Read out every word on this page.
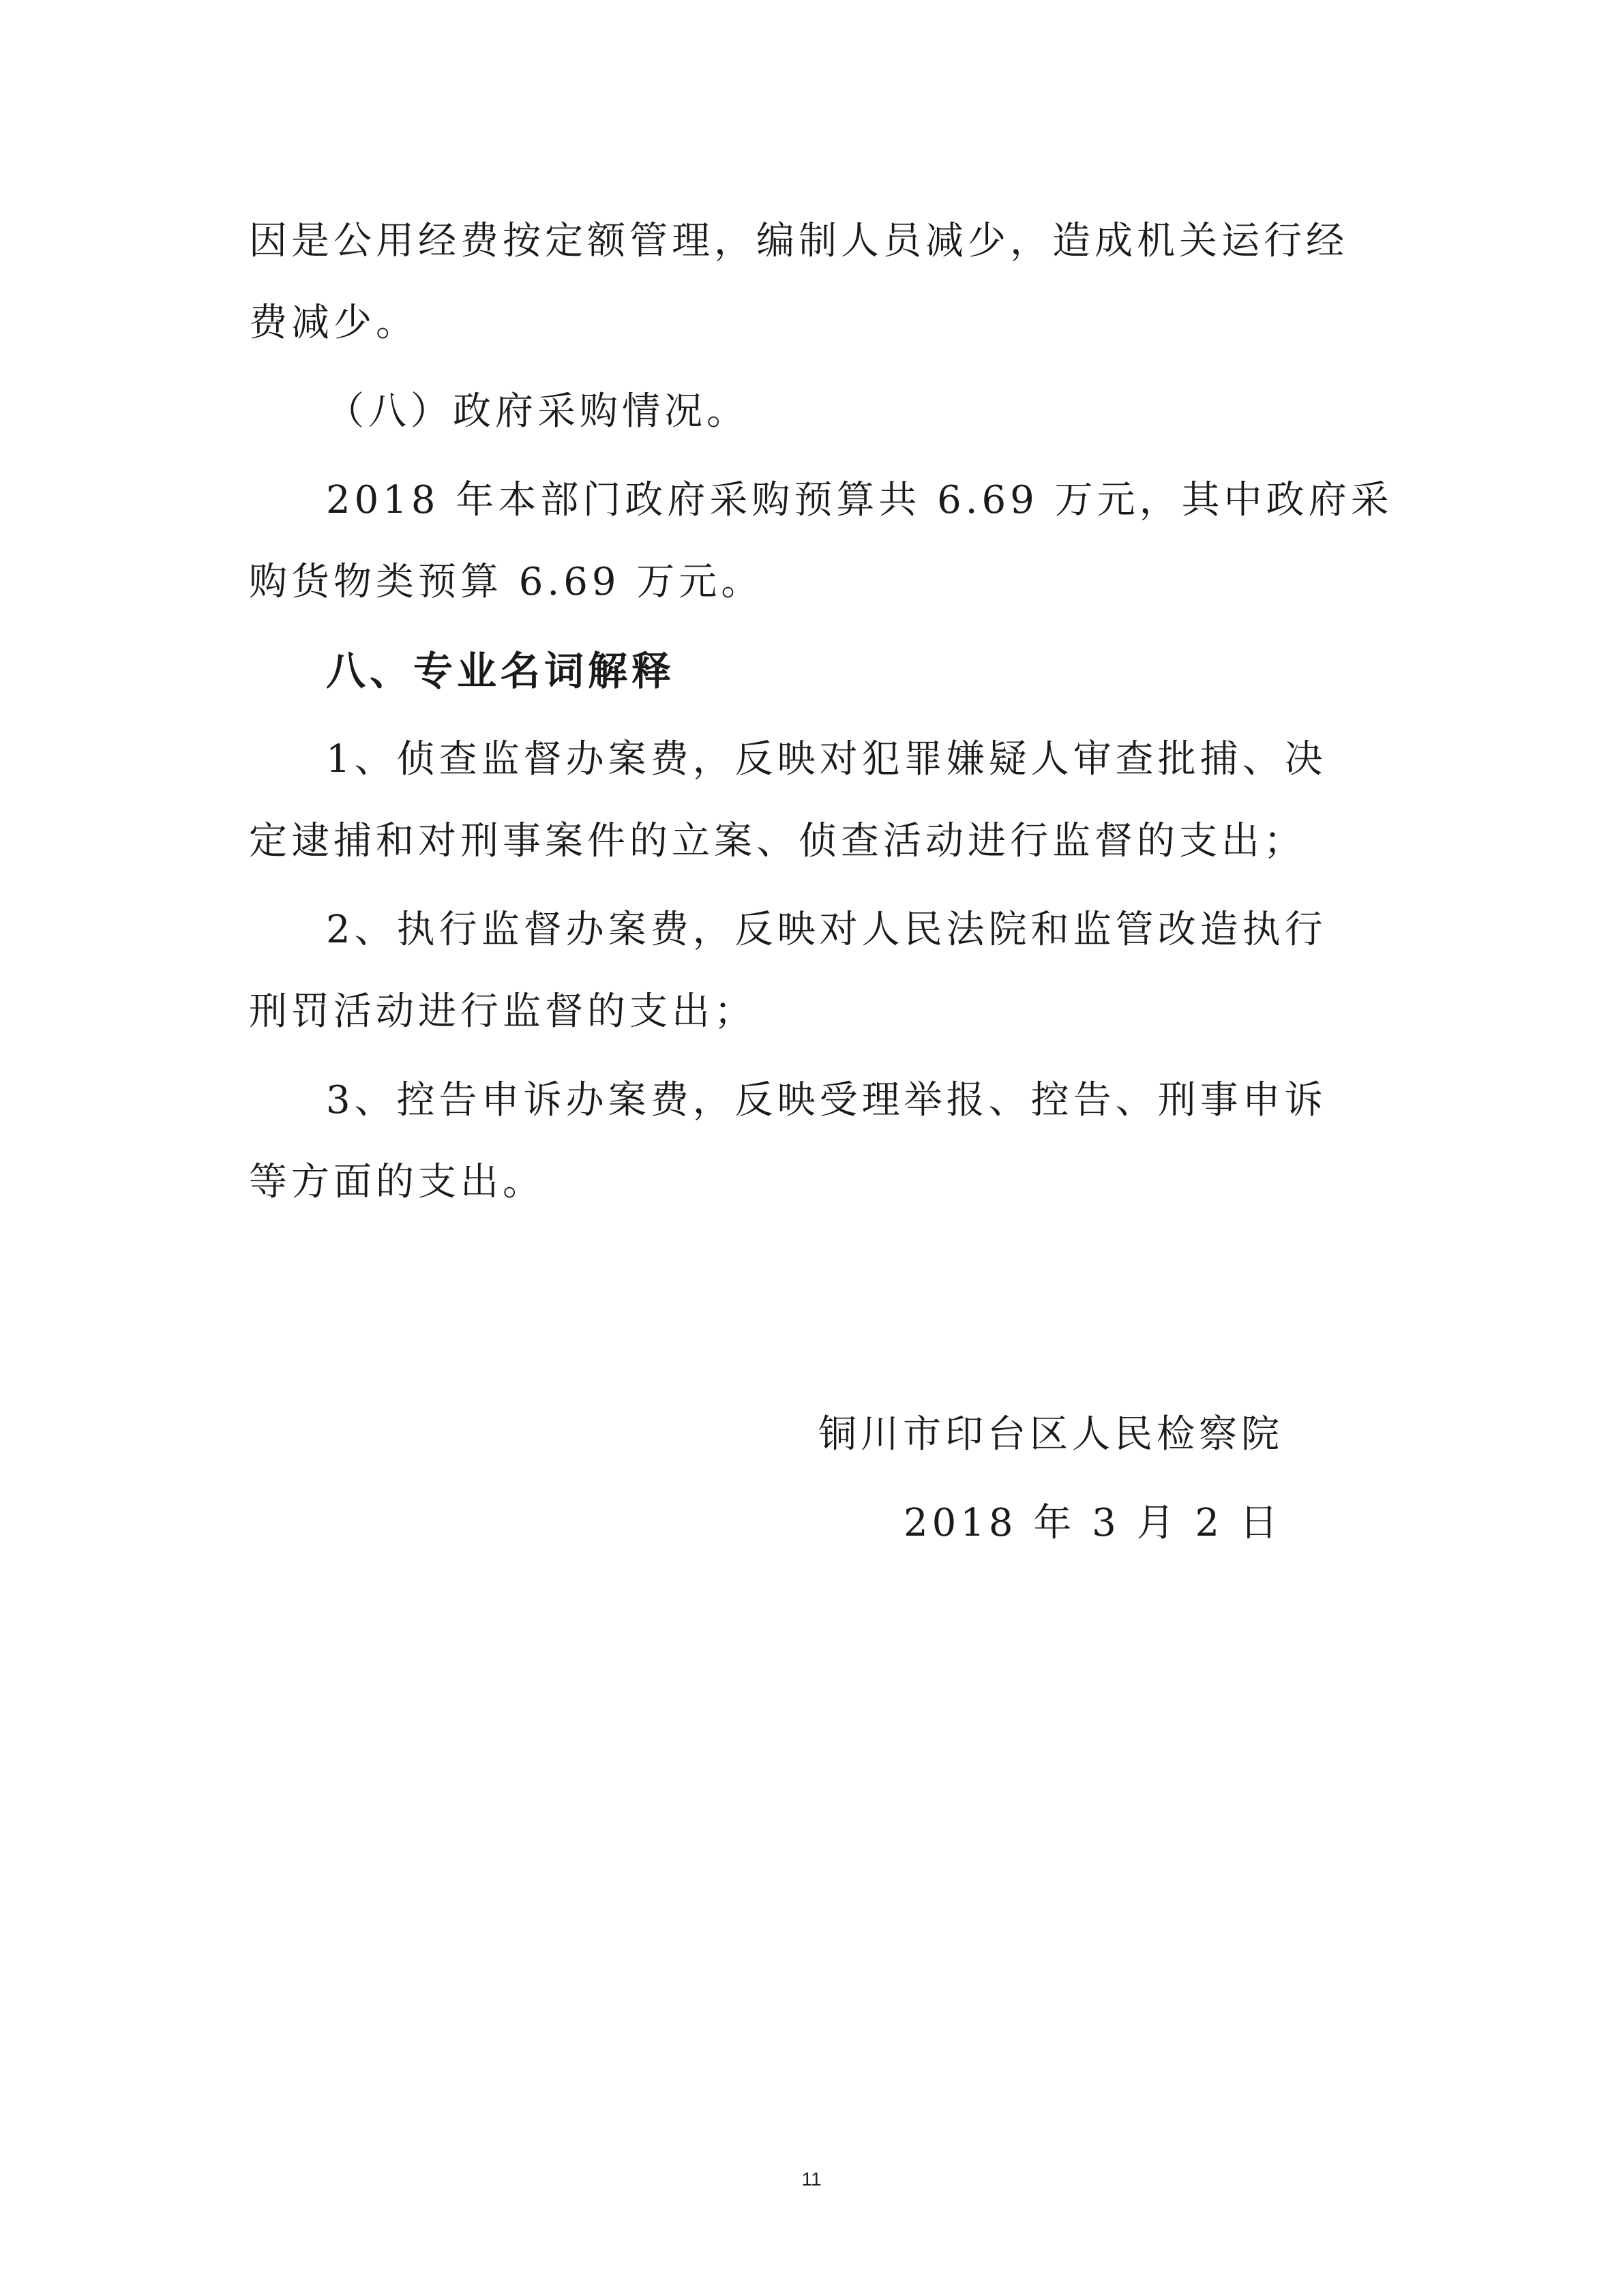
因是公用经费按定额管理，编制人员减少，造成机关运行经
费减少。
（八）政府采购情况。
2018 年本部门政府采购预算共 6.69 万元，其中政府采
购货物类预算 6.69 万元。
八、专业名词解释
1、侦查监督办案费，反映对犯罪嫌疑人审查批捕、决
定逮捕和对刑事案件的立案、侦查活动进行监督的支出；
2、执行监督办案费，反映对人民法院和监管改造执行
刑罚活动进行监督的支出；
3、控告申诉办案费，反映受理举报、控告、刑事申诉
等方面的支出。
铜川市印台区人民检察院
2018 年 3 月 2 日
11
